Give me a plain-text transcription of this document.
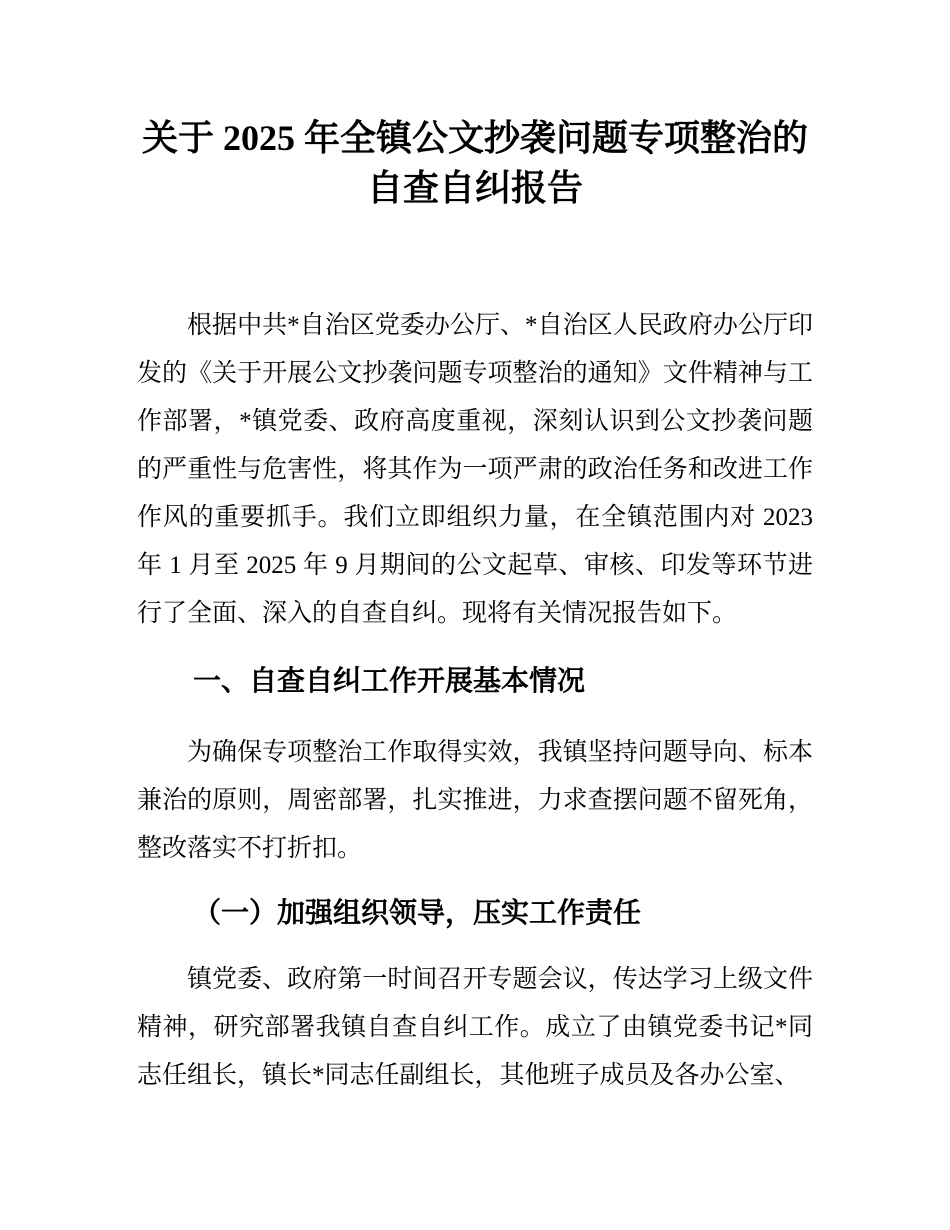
关于 2025 年全镇公文抄袭问题专项整治的自查自纠报告

根据中共*自治区党委办公厅、*自治区人民政府办公厅印发的《关于开展公文抄袭问题专项整治的通知》文件精神与工作部署，*镇党委、政府高度重视，深刻认识到公文抄袭问题的严重性与危害性，将其作为一项严肃的政治任务和改进工作作风的重要抓手。我们立即组织力量，在全镇范围内对 2023 年 1 月至 2025 年 9 月期间的公文起草、审核、印发等环节进行了全面、深入的自查自纠。现将有关情况报告如下。

一、自查自纠工作开展基本情况

为确保专项整治工作取得实效，我镇坚持问题导向、标本兼治的原则，周密部署，扎实推进，力求查摆问题不留死角，整改落实不打折扣。

（一）加强组织领导，压实工作责任

镇党委、政府第一时间召开专题会议，传达学习上级文件精神，研究部署我镇自查自纠工作。成立了由镇党委书记*同志任组长，镇长*同志任副组长，其他班子成员及各办公室、
